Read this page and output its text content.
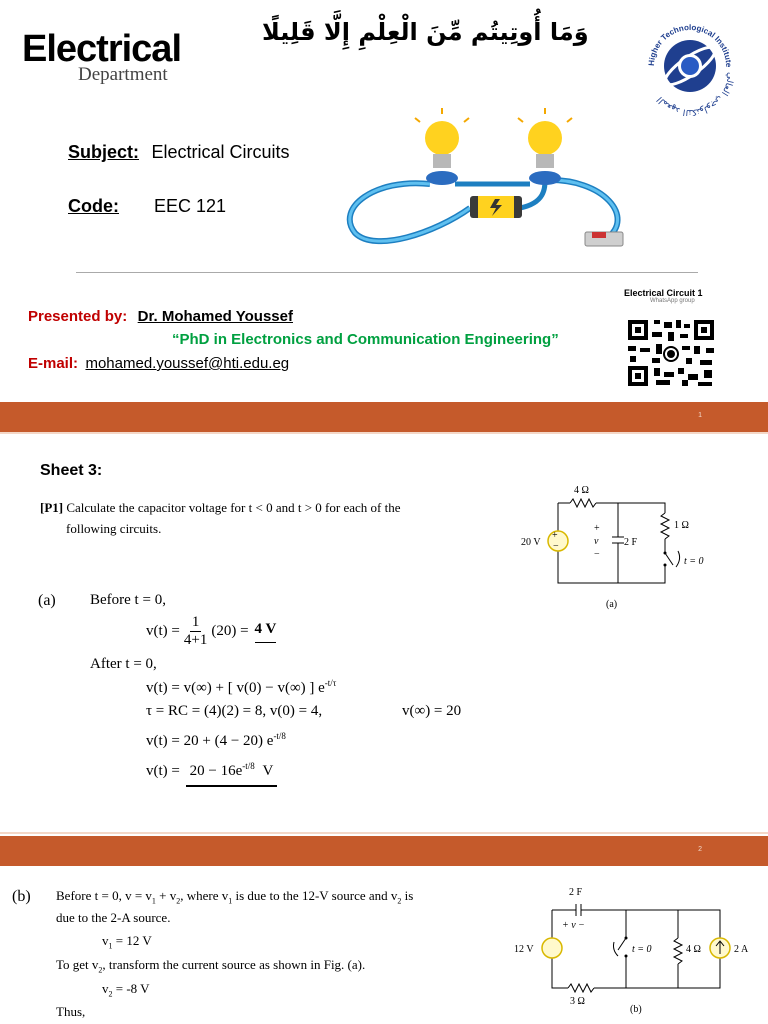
Electrical
Department
وَمَا أُوتِيتُم مِّنَ الْعِلْمِ إِلَّا قَلِيلًا
Higher Technological Institute
المعهد التكنولوجي العالي
Subject: Electrical Circuits
Code: EEC 121
Presented by: Dr. Mohamed Youssef
“PhD in Electronics and Communication Engineering”
E-mail: mohamed.youssef@hti.edu.eg
Electrical Circuit 1
WhatsApp group
1
Sheet 3:
[P1] Calculate the capacitor voltage for t < 0 and t > 0 for each of the
following circuits.	+
−
4 Ω
1 Ω
20 V
+
v
−
2 F
t = 0
(a)
(a) Before t = 0,
$v(t) = \frac{1}{4+1} (20) = 4$ V
After t = 0,
v(t) = v(∞) + [ v(0) − v(∞) ] $e^{-t/\tau}$
τ = RC = (4)(2) = 8, v(0) = 4,	v(∞) = 20
v(t) = 20 + (4 − 20) $e^{-t/8}$
$v(t) = 20 - 16e^{-t/8}$ V
2
(b) Before t = 0, $v = v_1 + v_2$, where $v_1$ is due to the 12-V source and $v_2$ is
due to the 2-A source.
$v_1 = 12$ V
To get $v_2$, transform the current source as shown in Fig. (a).
$v_2 = -8$ V
Thus,
2 F
+ v −
12 V	t = 0	4 Ω	2 A
3 Ω
(b)
